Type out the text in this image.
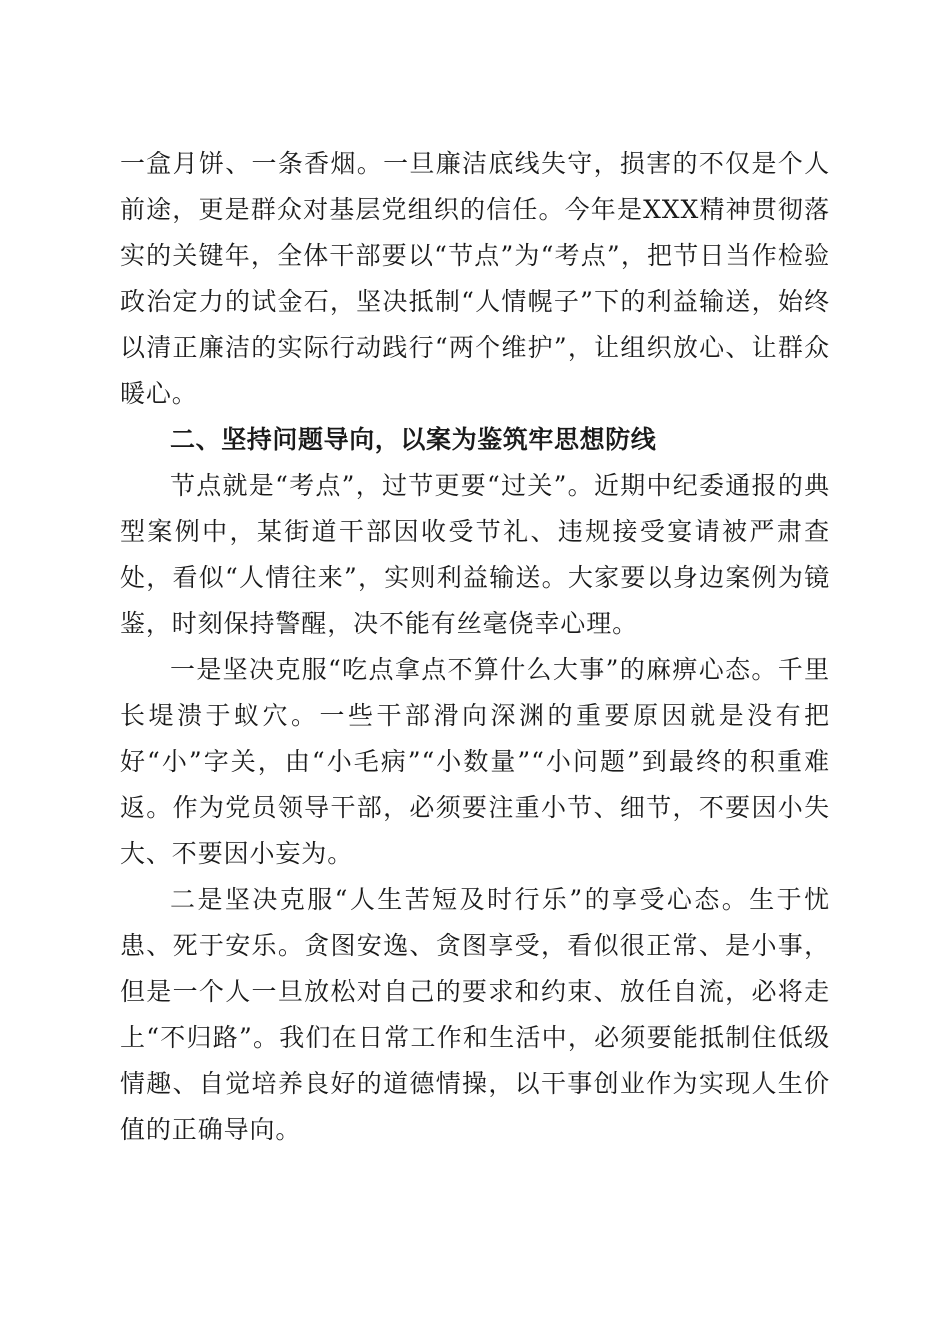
一盒月饼、一条香烟。一旦廉洁底线失守，损害的不仅是个人前途，更是群众对基层党组织的信任。今年是XXX精神贯彻落实的关键年，全体干部要以“节点”为“考点”，把节日当作检验政治定力的试金石，坚决抵制“人情幌子”下的利益输送，始终以清正廉洁的实际行动践行“两个维护”，让组织放心、让群众暖心。

二、坚持问题导向，以案为鉴筑牢思想防线

节点就是“考点”，过节更要“过关”。近期中纪委通报的典型案例中，某街道干部因收受节礼、违规接受宴请被严肃查处，看似“人情往来”，实则利益输送。大家要以身边案例为镜鉴，时刻保持警醒，决不能有丝毫侥幸心理。

一是坚决克服“吃点拿点不算什么大事”的麻痹心态。千里长堤溃于蚁穴。一些干部滑向深渊的重要原因就是没有把好“小”字关，由“小毛病”“小数量”“小问题”到最终的积重难返。作为党员领导干部，必须要注重小节、细节，不要因小失大、不要因小妄为。

二是坚决克服“人生苦短及时行乐”的享受心态。生于忧患、死于安乐。贪图安逸、贪图享受，看似很正常、是小事，但是一个人一旦放松对自己的要求和约束、放任自流，必将走上“不归路”。我们在日常工作和生活中，必须要能抵制住低级情趣、自觉培养良好的道德情操，以干事创业作为实现人生价值的正确导向。
